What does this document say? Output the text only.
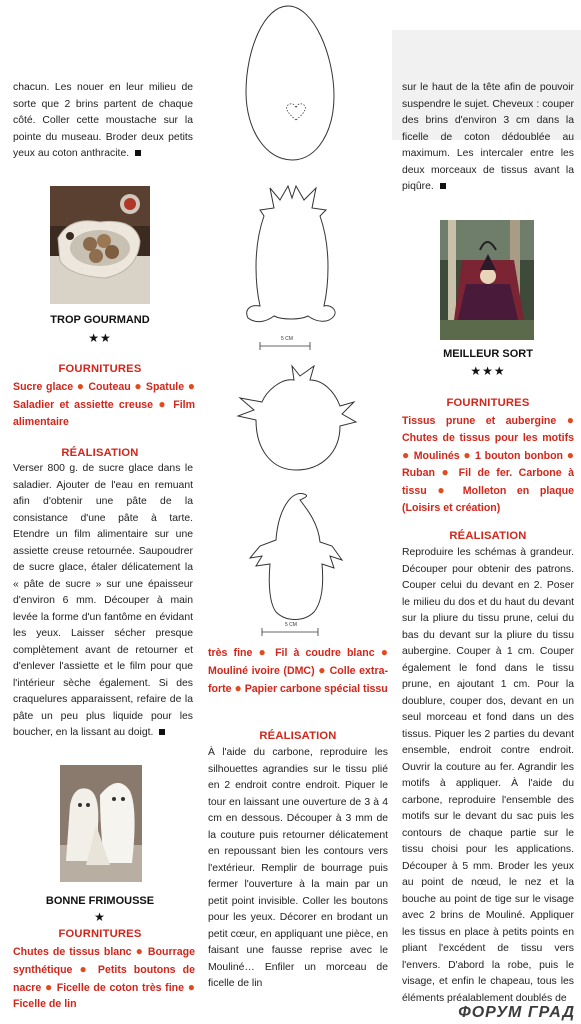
chacun. Les nouer en leur milieu de sorte que 2 brins partent de chaque côté. Coller cette moustache sur la pointe du museau. Broder deux petits yeux au coton anthracite.

TROP GOURMAND
★★
FOURNITURES
Sucre glace ● Couteau ● Spatule ● Saladier et assiette creuse ● Film alimentaire
RÉALISATION

Verser 800 g. de sucre glace dans le saladier. Ajouter de l'eau en remuant afin d'obtenir une pâte de la consistance d'une pâte à tarte. Etendre un film alimentaire sur une assiette creuse retournée. Saupoudrer de sucre glace, étaler délicatement la « pâte de sucre » sur une épaisseur d'environ 6 mm. Découper à main levée la forme d'un fantôme en évidant les yeux. Laisser sécher presque complètement avant de retourner et d'enlever l'assiette et le film pour que l'intérieur sèche également. Si des craquelures apparaissent, refaire de la pâte un peu plus liquide pour les boucher, en la lissant au doigt.

BONNE FRIMOUSSE
★
FOURNITURES
Chutes de tissus blanc ● Bourrage synthétique ● Petits boutons de nacre ● Ficelle de coton très fine ● Ficelle de lin
5 CM
5 CM
très fine ● Fil à coudre blanc ● Mouliné ivoire (DMC) ● Colle extra-forte ● Papier carbone spécial tissu
RÉALISATION

À l'aide du carbone, reproduire les silhouettes agrandies sur le tissu plié en 2 endroit contre endroit. Piquer le tour en laissant une ouverture de 3 à 4 cm en dessous. Découper à 3 mm de la couture puis retourner délicatement en repoussant bien les contours vers l'extérieur. Remplir de bourrage puis fermer l'ouverture à la main par un petit point invisible. Coller les boutons pour les yeux. Décorer en brodant un petit cœur, en appliquant une pièce, en faisant une fausse reprise avec le Mouliné… Enfiler un morceau de ficelle de lin

sur le haut de la tête afin de pouvoir suspendre le sujet. Cheveux : couper des brins d'environ 3 cm dans la ficelle de coton dédoublée au maximum. Les intercaler entre les deux morceaux de tissus avant la piqûre.

MEILLEUR SORT
★★★
FOURNITURES
Tissus prune et aubergine ● Chutes de tissus pour les motifs ● Moulinés ● 1 bouton bonbon ● Ruban ● Fil de fer. Carbone à tissu ● Molleton en plaque (Loisirs et création)
RÉALISATION

Reproduire les schémas à grandeur. Découper pour obtenir des patrons. Couper celui du devant en 2. Poser le milieu du dos et du haut du devant sur la pliure du tissu prune, celui du bas du devant sur la pliure du tissu aubergine. Couper à 1 cm. Couper également le fond dans le tissu prune, en ajoutant 1 cm. Pour la doublure, couper dos, devant en un seul morceau et fond dans un des tissus. Piquer les 2 parties du devant ensemble, endroit contre endroit. Ouvrir la couture au fer. Agrandir les motifs à appliquer. À l'aide du carbone, reproduire l'ensemble des motifs sur le devant du sac puis les contours de chaque partie sur le tissu choisi pour les applications. Découper à 5 mm. Broder les yeux au point de nœud, le nez et la bouche au point de tige sur le visage avec 2 brins de Mouliné. Appliquer les tissus en place à petits points en pliant l'excédent de tissu vers l'envers. D'abord la robe, puis le visage, et enfin le chapeau, tous les éléments préalablement doublés de

ФОРУМ ГРАД
